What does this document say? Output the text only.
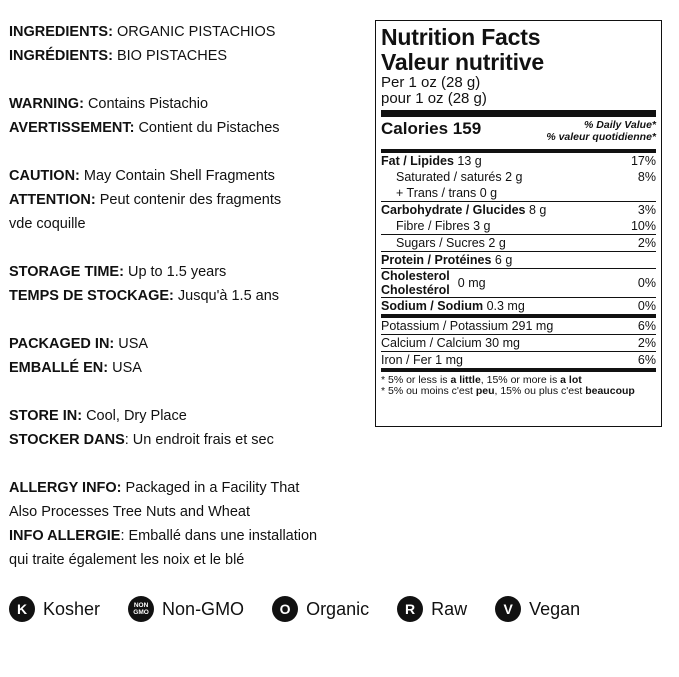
INGREDIENTS: ORGANIC PISTACHIOS
INGRÉDIENTS: BIO PISTACHES
WARNING: Contains Pistachio
AVERTISSEMENT: Contient du Pistaches
CAUTION: May Contain Shell Fragments
ATTENTION: Peut contenir des fragments
vde coquille
STORAGE TIME: Up to 1.5 years
TEMPS DE STOCKAGE: Jusqu'à 1.5 ans
PACKAGED IN: USA
EMBALLÉ EN: USA
STORE IN: Cool, Dry Place
STOCKER DANS: Un endroit frais et sec
ALLERGY INFO: Packaged in a Facility That
Also Processes Tree Nuts and Wheat
INFO ALLERGIE: Emballé dans une installation
qui traite également les noix et le blé
Nutrition Facts
Valeur nutritive
Per 1 oz (28 g)
pour 1 oz (28 g)
Calories 159	% Daily Value*
% valeur quotidienne*
Fat / Lipides 13 g	17%
Saturated / saturés 2 g	8%
+ Trans / trans 0 g
Carbohydrate / Glucides 8 g	3%
Fibre / Fibres 3 g	10%
Sugars / Sucres 2 g	2%
Protein / Protéines 6 g
Cholesterol
Cholestérol 0 mg	0%
Sodium / Sodium 0.3 mg	0%
Potassium / Potassium 291 mg	6%
Calcium / Calcium 30 mg	2%
Iron / Fer 1 mg	6%
* 5% or less is a little, 15% or more is a lot
* 5% ou moins c'est peu, 15% ou plus c'est beaucoup
K Kosher	NON GMO Non-GMO	O Organic	R Raw	V Vegan
